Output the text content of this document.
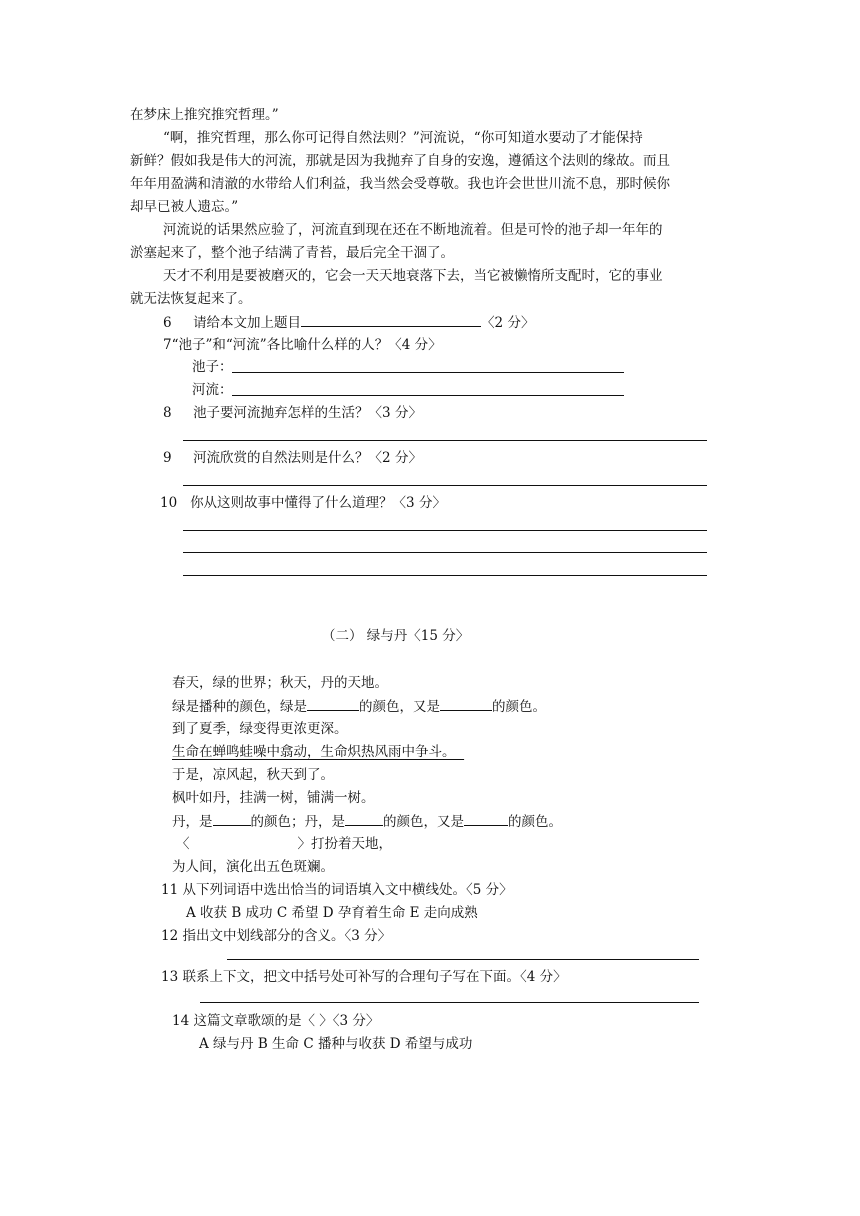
在梦床上推究推究哲理。”
“啊，推究哲理，那么你可记得自然法则？”河流说，“你可知道水要动了才能保持
新鲜？假如我是伟大的河流，那就是因为我抛弃了自身的安逸，遵循这个法则的缘故。而且
年年用盈满和清澈的水带给人们利益，我当然会受尊敬。我也许会世世川流不息，那时候你
却早已被人遗忘。”
河流说的话果然应验了，河流直到现在还在不断地流着。但是可怜的池子却一年年的
淤塞起来了，整个池子结满了青苔，最后完全干涸了。
天才不利用是要被磨灭的，它会一天天地衰落下去，当它被懒惰所支配时，它的事业
就无法恢复起来了。
6 请给本文加上题目	〈2 分〉
7“池子”和“河流”各比喻什么样的人？〈4 分〉
池子：
河流：
8 池子要河流抛弃怎样的生活？〈3 分〉
9 河流欣赏的自然法则是什么？〈2 分〉
10 你从这则故事中懂得了什么道理？〈3 分〉
（二） 绿与丹〈15 分〉
春天，绿的世界；秋天，丹的天地。
绿是播种的颜色，绿是	的颜色，又是	的颜色。
到了夏季，绿变得更浓更深。
生命在蝉鸣蛙噪中翕动，生命炽热风雨中争斗。
于是，凉风起，秋天到了。
枫叶如丹，挂满一树，铺满一树。
丹，是	的颜色；丹，是	的颜色，又是	的颜色。
〈	〉打扮着天地，
为人间，演化出五色斑斓。
11 从下列词语中选出恰当的词语填入文中横线处。〈5 分〉
A 收获 B 成功 C 希望 D 孕育着生命 E 走向成熟
12 指出文中划线部分的含义。〈3 分〉
13 联系上下文，把文中括号处可补写的合理句子写在下面。〈4 分〉
14 这篇文章歌颂的是〈 〉〈3 分〉
A 绿与丹 B 生命 C 播种与收获 D 希望与成功
